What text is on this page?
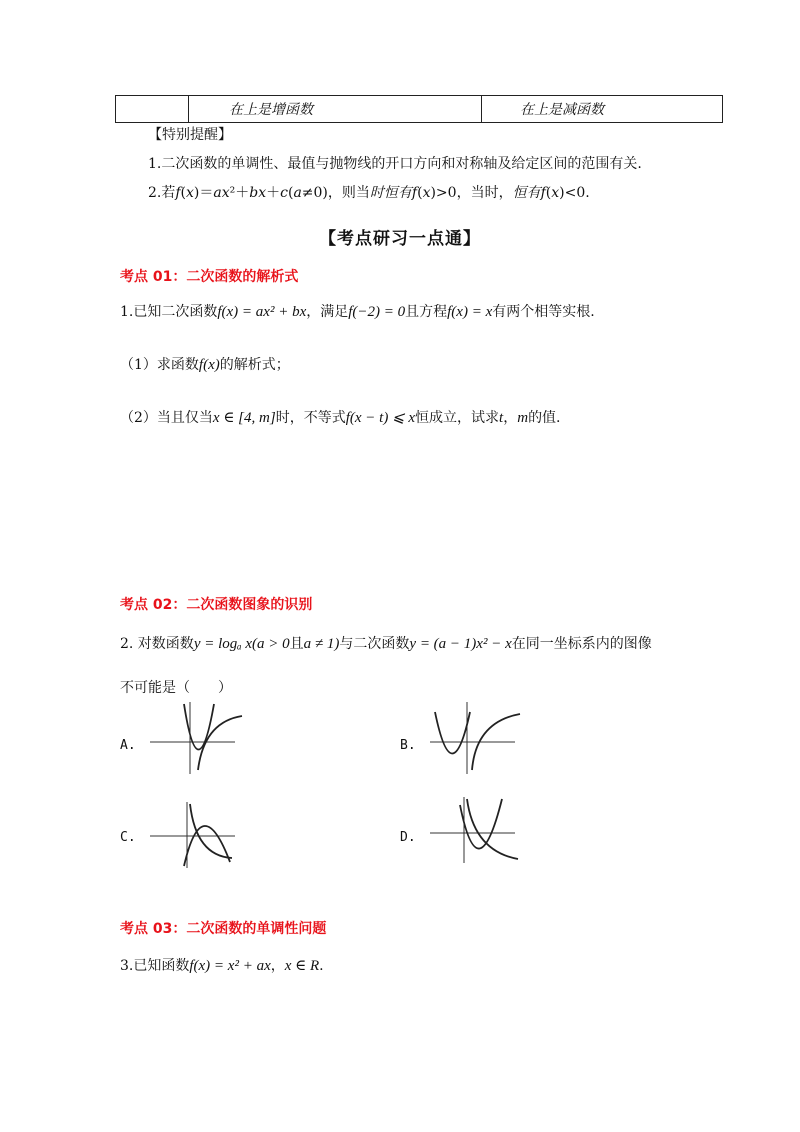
	在上是增函数	在上是减函数
【特别提醒】
1.二次函数的单调性、最值与抛物线的开口方向和对称轴及给定区间的范围有关.
2.若f(x)＝ax²＋bx＋c(a≠0)，则当时恒有f(x)>0，当时，恒有f(x)<0.
【考点研习一点通】
考点 01：二次函数的解析式
1.已知二次函数f(x) = ax² + bx，满足f(−2) = 0且方程f(x) = x有两个相等实根.
（1）求函数f(x)的解析式；
（2）当且仅当x ∈ [4, m]时，不等式f(x − t) ⩽ x恒成立，试求t，m的值.
考点 02：二次函数图象的识别
2. 对数函数y = logₐ x(a > 0且a ≠ 1)与二次函数y = (a − 1)x² − x在同一坐标系内的图像
不可能是（　　）
A.	B.
C.	D.
考点 03：二次函数的单调性问题
3.已知函数f(x) = x² + ax，x ∈ R.
